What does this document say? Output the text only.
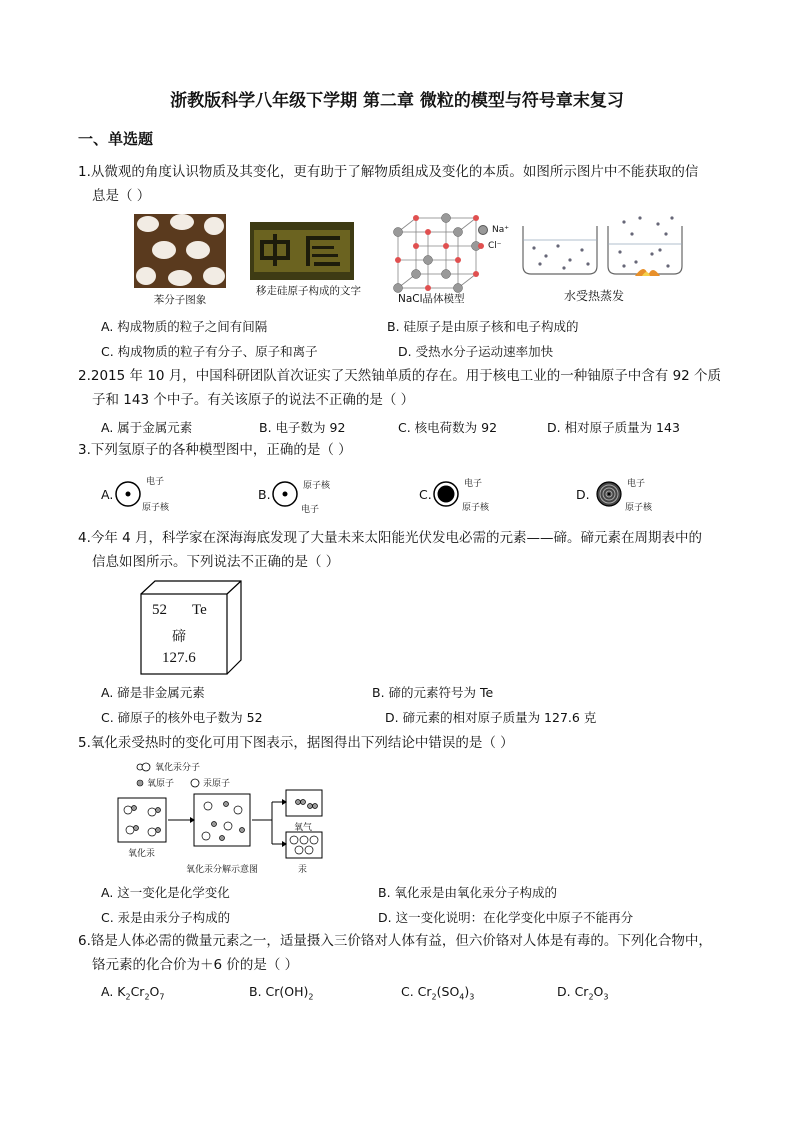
浙教版科学八年级下学期 第二章 微粒的模型与符号章末复习
一、单选题
1.从微观的角度认识物质及其变化，更有助于了解物质组成及变化的本质。如图所示图片中不能获取的信
息是（ ）
苯分子图象
移走硅原子构成的文字
Na⁺
Cl⁻
NaCl晶体模型	水受热蒸发
A. 构成物质的粒子之间有间隔	B. 硅原子是由原子核和电子构成的
C. 构成物质的粒子有分子、原子和离子	D. 受热水分子运动速率加快
2.2015 年 10 月，中国科研团队首次证实了天然铀单质的存在。用于核电工业的一种铀原子中含有 92 个质
子和 143 个中子。有关该原子的说法不正确的是（ ）
A. 属于金属元素	B. 电子数为 92	C. 核电荷数为 92	D. 相对原子质量为 143
3.下列氢原子的各种模型图中，正确的是（ ）
A.
电子
原子核
B.
原子核
电子
C.
电子
原子核
D.
电子
原子核
4.今年 4 月，科学家在深海海底发现了大量未来太阳能光伏发电必需的元素——碲。碲元素在周期表中的
信息如图所示。下列说法不正确的是（ ）
52 Te
碲
127.6
A. 碲是非金属元素	B. 碲的元素符号为 Te
C. 碲原子的核外电子数为 52	D. 碲元素的相对原子质量为 127.6 克
5.氧化汞受热时的变化可用下图表示，据图得出下列结论中错误的是（ ）
氧化汞分子
氧原子	汞原子
氧化汞
氧化汞分解示意图
氧气
汞
A. 这一变化是化学变化	B. 氧化汞是由氧化汞分子构成的
C. 汞是由汞分子构成的	D. 这一变化说明：在化学变化中原子不能再分
6.铬是人体必需的微量元素之一，适量摄入三价铬对人体有益，但六价铬对人体是有毒的。下列化合物中，
铬元素的化合价为＋6 价的是（ ）
A. $K_2Cr_2O_7$	B. $Cr(OH)_2$	C. $Cr_2(SO_4)_3$	D. $Cr_2O_3$
